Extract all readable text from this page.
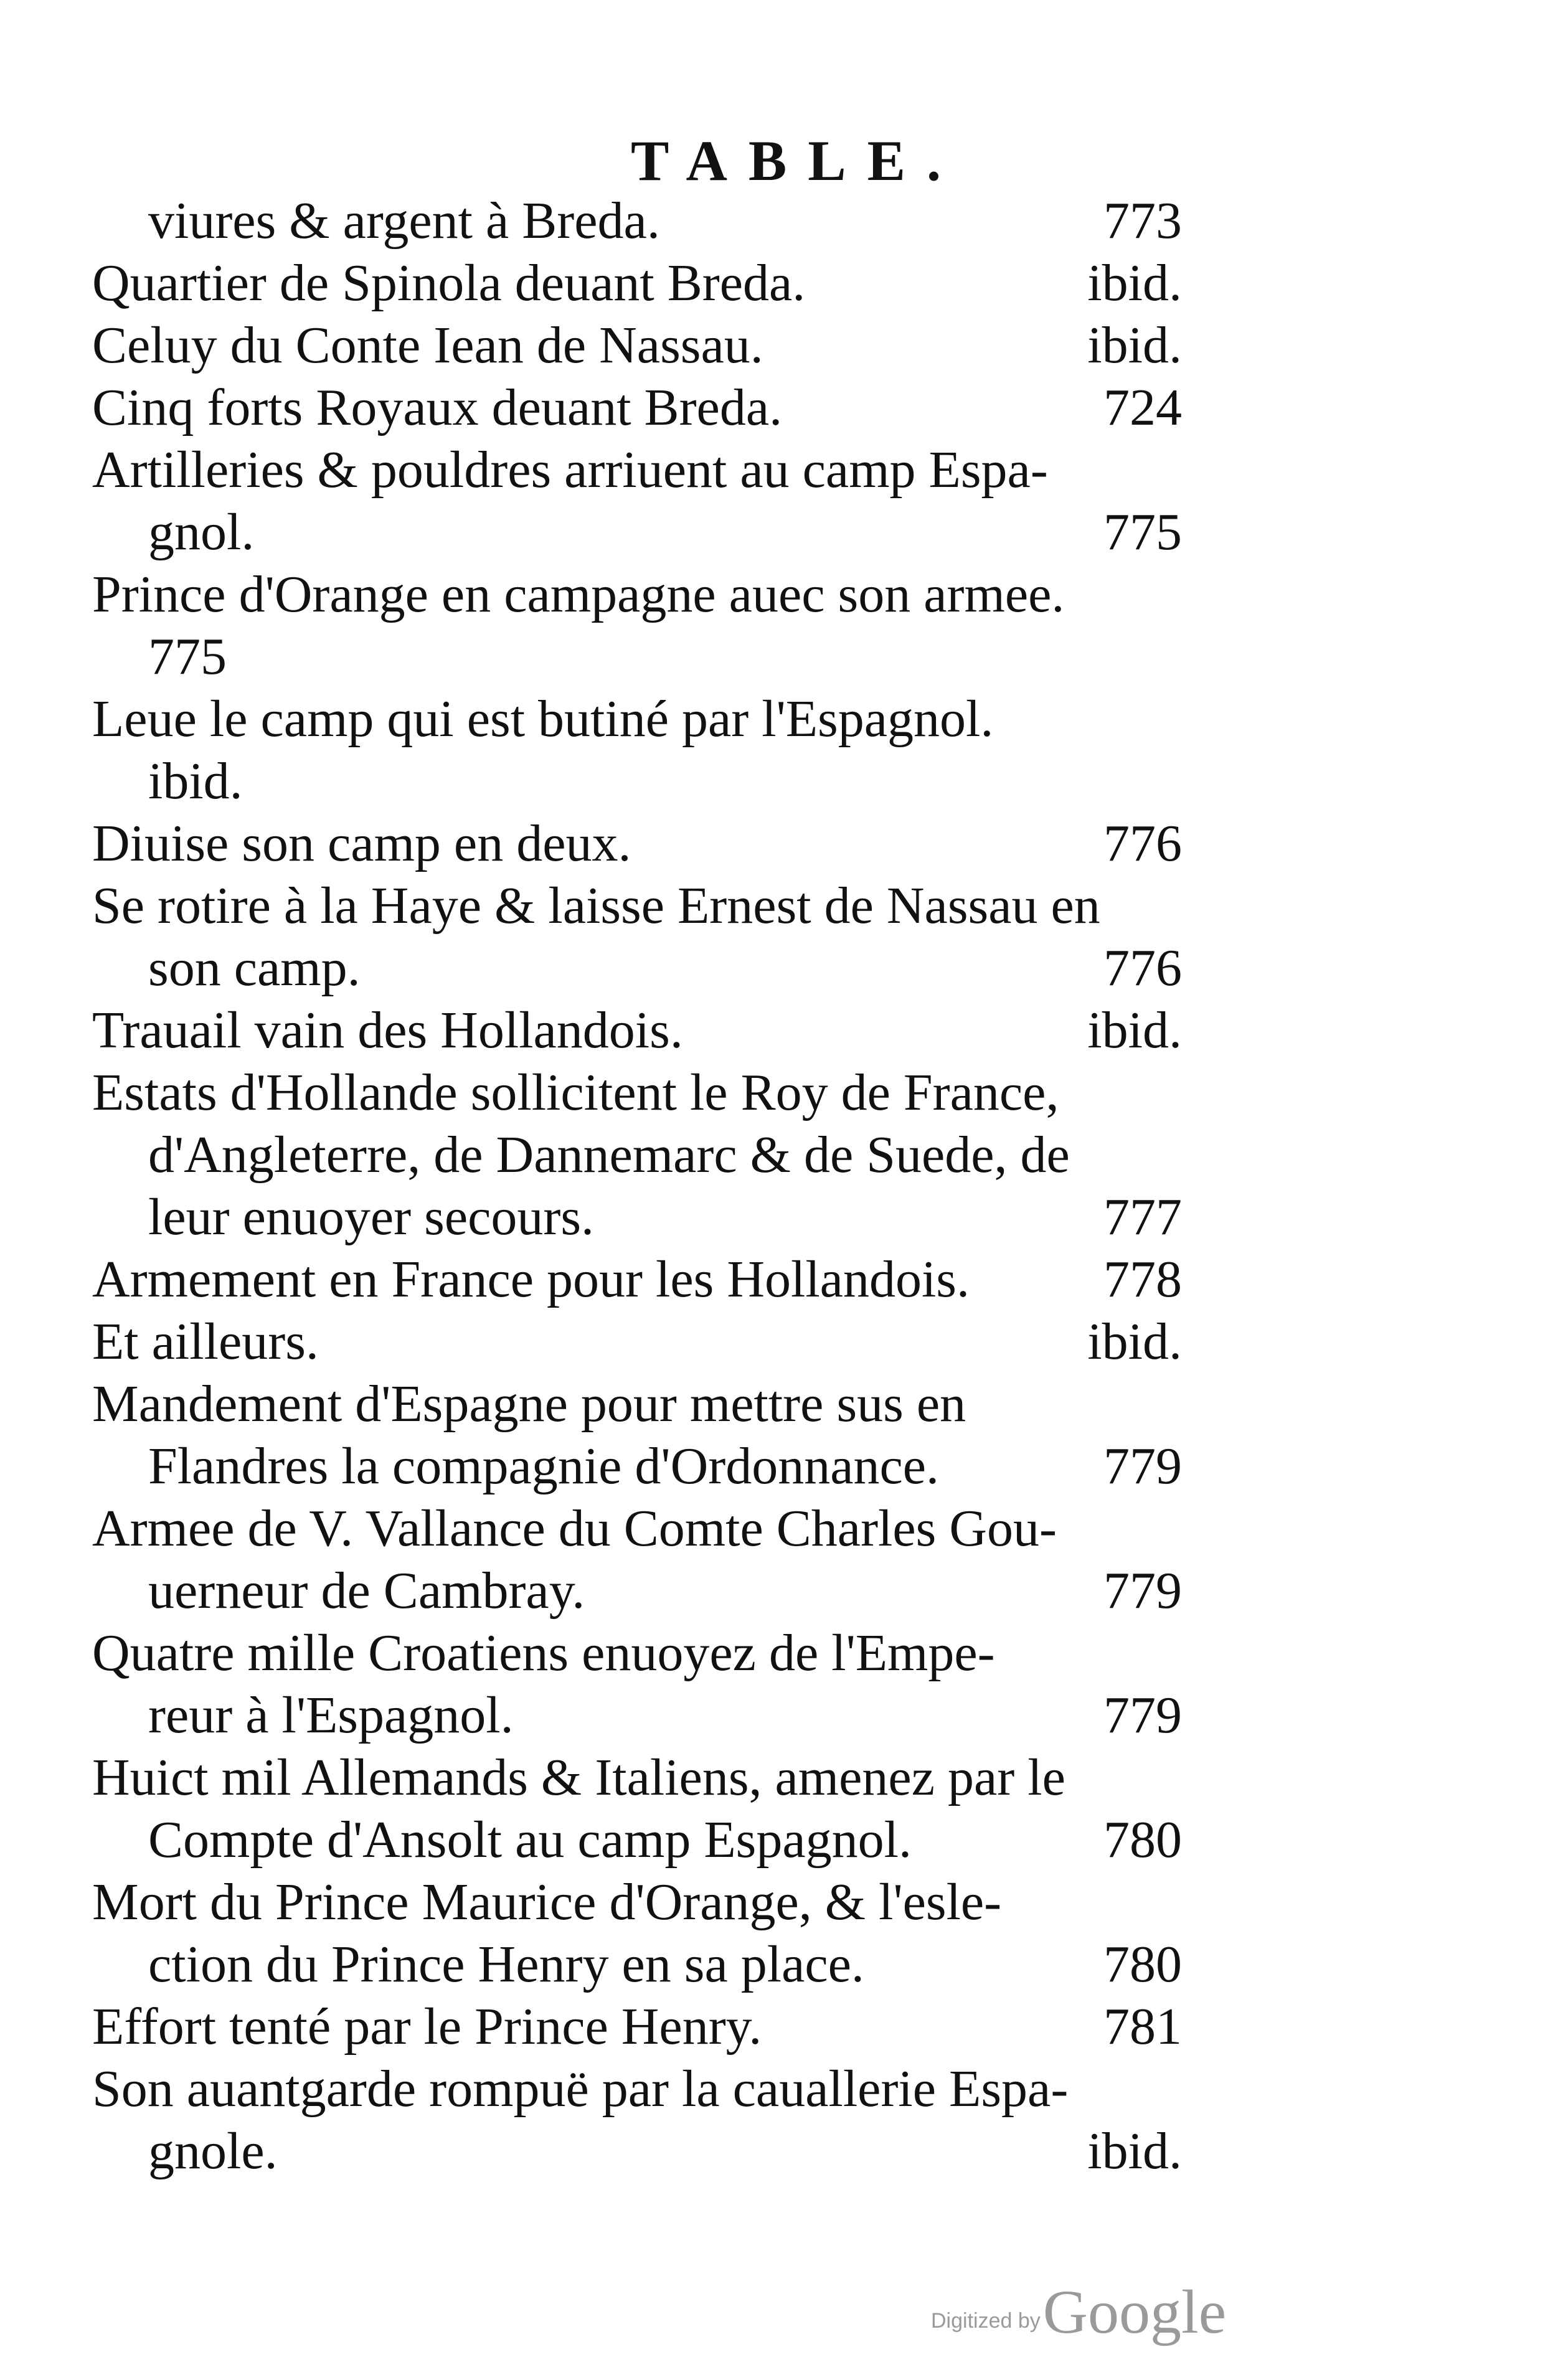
TABLE.
viures & argent à Breda.	773
Quartier de Spinola deuant Breda.	ibid.
Celuy du Conte Iean de Nassau.	ibid.
Cinq forts Royaux deuant Breda.	724
Artilleries & pouldres arriuent au camp Espa-
gnol.	775
Prince d'Orange en campagne auec son armee.
775
Leue le camp qui est butiné par l'Espagnol.
ibid.
Diuise son camp en deux.	776
Se rotire à la Haye & laisse Ernest de Nassau en
son camp.	776
Trauail vain des Hollandois.	ibid.
Estats d'Hollande sollicitent le Roy de France,
d'Angleterre, de Dannemarc & de Suede, de
leur enuoyer secours.	777
Armement en France pour les Hollandois.	778
Et ailleurs.	ibid.
Mandement d'Espagne pour mettre sus en
Flandres la compagnie d'Ordonnance.	779
Armee de V. Vallance du Comte Charles Gou-
uerneur de Cambray.	779
Quatre mille Croatiens enuoyez de l'Empe-
reur à l'Espagnol.	779
Huict mil Allemands & Italiens, amenez par le
Compte d'Ansolt au camp Espagnol.	780
Mort du Prince Maurice d'Orange, & l'esle-
ction du Prince Henry en sa place.	780
Effort tenté par le Prince Henry.	781
Son auantgarde rompuë par la cauallerie Espa-
gnole.	ibid.
Digitized by Google
